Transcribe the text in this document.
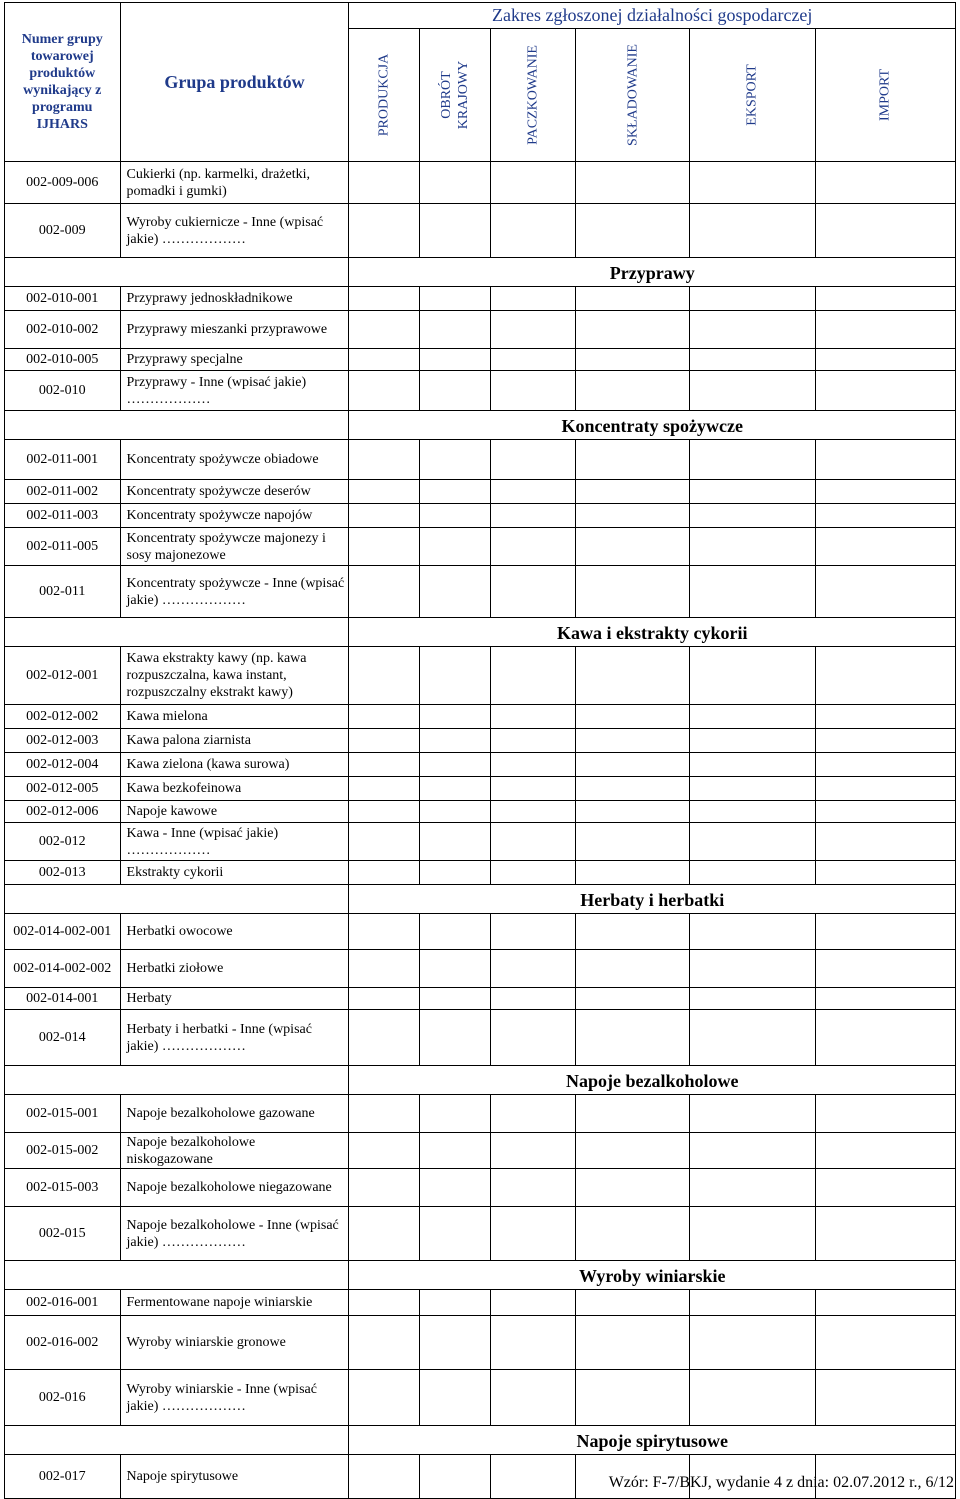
Numer grupy towarowej produktów wynikający z programu IJHARS	Grupa produktów	Zakres zgłoszonej działalności gospodarczej					

		PRODUKCJA	OBRÓT KRAJOWY	PACZKOWANIE	SKŁADOWANIE	EKSPORT	IMPORT

002-009-006	Cukierki (np. karmelki, drażetki, pomadki i gumki)						
002-009	Wyroby cukiernicze - Inne (wpisać jakie) ………………						
		Przyprawy					
002-010-001	Przyprawy jednoskładnikowe						
002-010-002	Przyprawy mieszanki przyprawowe						
002-010-005	Przyprawy specjalne						
002-010	Przyprawy - Inne (wpisać jakie) ………………						
		Koncentraty spożywcze					
002-011-001	Koncentraty spożywcze obiadowe						
002-011-002	Koncentraty spożywcze deserów						
002-011-003	Koncentraty spożywcze napojów						
002-011-005	Koncentraty spożywcze majonezy i sosy majonezowe						
002-011	Koncentraty spożywcze - Inne (wpisać jakie) ………………						
		Kawa i ekstrakty cykorii					
002-012-001	Kawa ekstrakty kawy (np. kawa rozpuszczalna, kawa instant, rozpuszczalny ekstrakt kawy)						
002-012-002	Kawa mielona						
002-012-003	Kawa palona ziarnista						
002-012-004	Kawa zielona (kawa surowa)						
002-012-005	Kawa bezkofeinowa						
002-012-006	Napoje kawowe						
002-012	Kawa - Inne (wpisać jakie) ………………						
002-013	Ekstrakty cykorii						
		Herbaty i herbatki					
002-014-002-001	Herbatki owocowe						
002-014-002-002	Herbatki ziołowe						
002-014-001	Herbaty						
002-014	Herbaty i herbatki - Inne (wpisać jakie) ………………						
		Napoje bezalkoholowe					
002-015-001	Napoje bezalkoholowe gazowane						
002-015-002	Napoje bezalkoholowe niskogazowane						
002-015-003	Napoje bezalkoholowe niegazowane						
002-015	Napoje bezalkoholowe - Inne (wpisać jakie) ………………						
		Wyroby winiarskie					
002-016-001	Fermentowane napoje winiarskie						
002-016-002	Wyroby winiarskie gronowe						
002-016	Wyroby winiarskie - Inne (wpisać jakie) ………………						
		Napoje spirytusowe					
002-017	Napoje spirytusowe							Wzór: F-7/BKJ, wydanie 4 z dnia: 02.07.2012 r., 6/12
